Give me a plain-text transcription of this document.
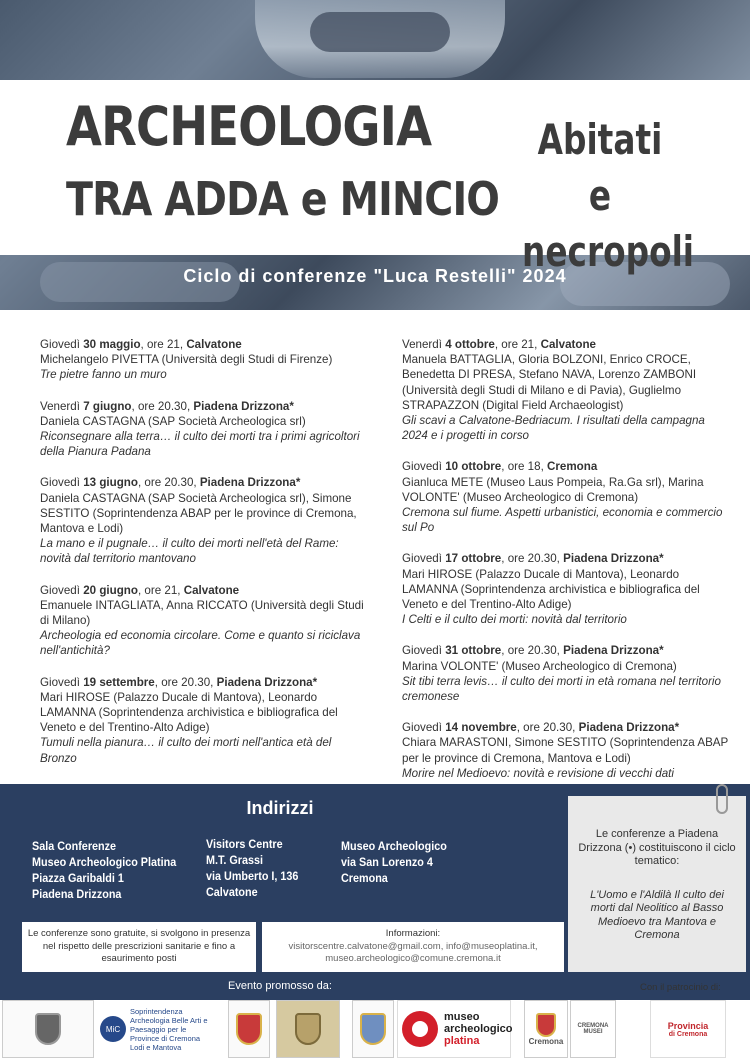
ARCHEOLOGIA
TRA ADDA e MINCIO
Abitati e
necropoli
Ciclo di conferenze "Luca Restelli" 2024
Giovedì 30 maggio, ore 21, Calvatone
Michelangelo PIVETTA (Università degli Studi di Firenze)
Tre pietre fanno un muro
Venerdì 7 giugno, ore 20.30, Piadena Drizzona*
Daniela CASTAGNA (SAP Società Archeologica srl)
Riconsegnare alla terra… il culto dei morti tra i primi agricoltori della Pianura Padana
Giovedì 13 giugno, ore 20.30, Piadena Drizzona*
Daniela CASTAGNA (SAP Società Archeologica srl), Simone SESTITO (Soprintendenza ABAP per le province di Cremona, Mantova e Lodi)
La mano e il pugnale… il culto dei morti nell'età del Rame: novità dal territorio mantovano
Giovedì 20 giugno, ore 21, Calvatone
Emanuele INTAGLIATA, Anna RICCATO (Università degli Studi di Milano)
Archeologia ed economia circolare. Come e quanto si riciclava nell'antichità?
Giovedì 19 settembre, ore 20.30, Piadena Drizzona*
Mari HIROSE (Palazzo Ducale di Mantova), Leonardo LAMANNA (Soprintendenza archivistica e bibliografica del Veneto e del Trentino-Alto Adige)
Tumuli nella pianura… il culto dei morti nell'antica età del Bronzo
Venerdì 4 ottobre, ore 21, Calvatone
Manuela BATTAGLIA, Gloria BOLZONI, Enrico CROCE, Benedetta DI PRESA, Stefano NAVA, Lorenzo ZAMBONI (Università degli Studi di Milano e di Pavia), Guglielmo STRAPAZZON (Digital Field Archaeologist)
Gli scavi a Calvatone-Bedriacum. I risultati della campagna 2024 e i progetti in corso
Giovedì 10 ottobre, ore 18, Cremona
Gianluca METE (Museo Laus Pompeia, Ra.Ga srl), Marina VOLONTE' (Museo Archeologico di Cremona)
Cremona sul fiume. Aspetti urbanistici, economia e commercio sul Po
Giovedì 17 ottobre, ore 20.30, Piadena Drizzona*
Mari HIROSE (Palazzo Ducale di Mantova), Leonardo LAMANNA (Soprintendenza archivistica e bibliografica del Veneto e del Trentino-Alto Adige)
I Celti e il culto dei morti: novità dal territorio
Giovedì 31 ottobre, ore 20.30, Piadena Drizzona*
Marina VOLONTE' (Museo Archeologico di Cremona)
Sit tibi terra levis… il culto dei morti in età romana nel territorio cremonese
Giovedì 14 novembre, ore 20.30, Piadena Drizzona*
Chiara MARASTONI, Simone SESTITO (Soprintendenza ABAP per le province di Cremona, Mantova e Lodi)
Morire nel Medioevo: novità e revisione di vecchi dati
Indirizzi
Sala Conferenze
Museo Archeologico Platina
Piazza Garibaldi 1
Piadena Drizzona
Visitors Centre
M.T. Grassi
via Umberto I, 136
Calvatone
Museo Archeologico
via San Lorenzo 4
Cremona
Le conferenze a Piadena Drizzona (•) costituiscono il ciclo tematico:
L'Uomo e l'Aldilà Il culto dei morti dal Neolitico al Basso Medioevo tra Mantova e Cremona
Le conferenze sono gratuite, si svolgono in presenza nel rispetto delle prescrizioni sanitarie e fino a esaurimento posti
Informazioni:
visitorscentre.calvatone@gmail.com, info@museoplatina.it,
museo.archeologico@comune.cremona.it
Evento promosso da:	Con il patrocinio di:
MiC
Soprintendenza Archeologia Belle Arti e Paesaggio per le Province di Cremona Lodi e Mantova
museo
archeologico
platina	Cremona
CREMONA MUSEI
Provincia
di Cremona
